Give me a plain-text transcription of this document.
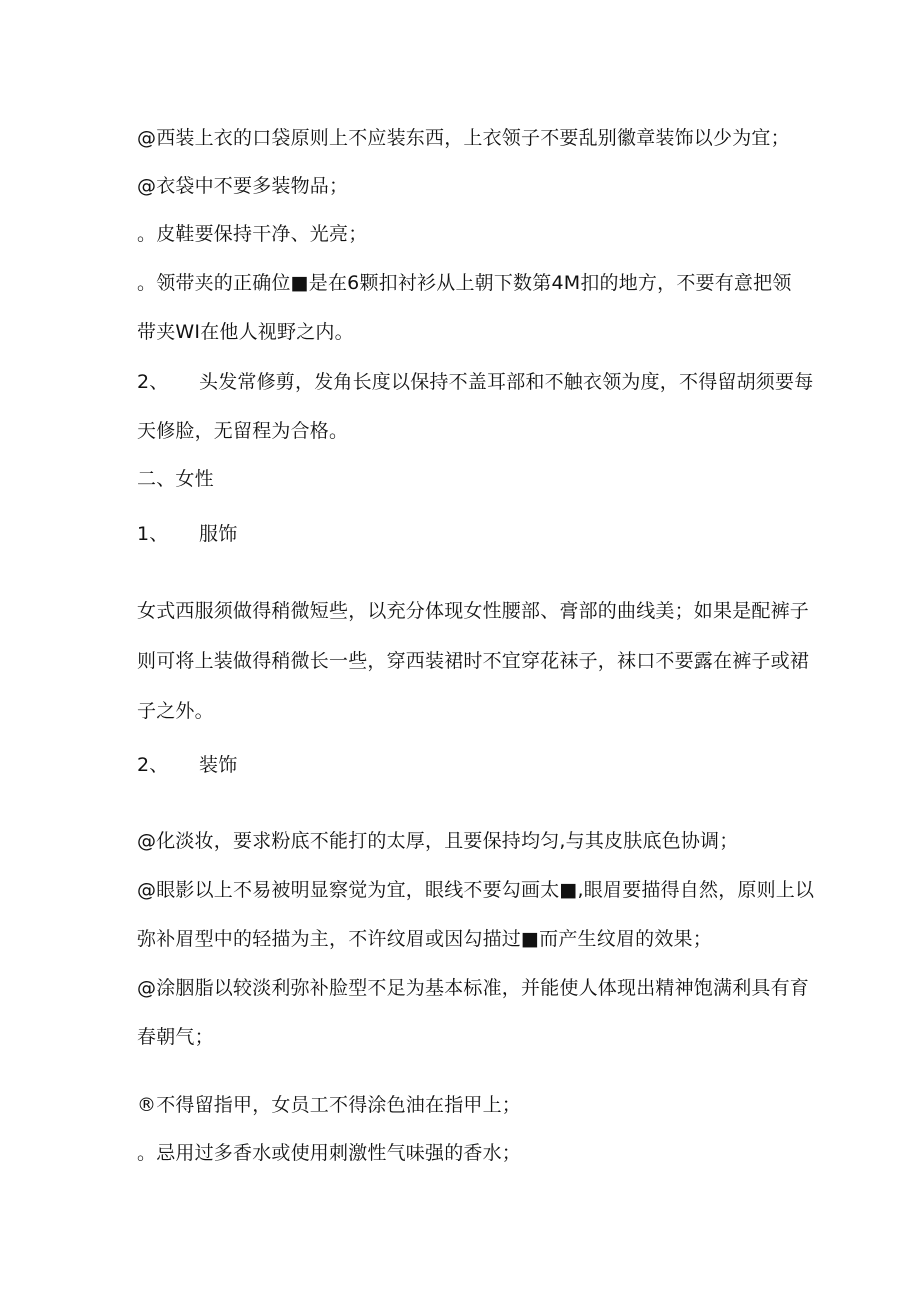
@西装上衣的口袋原则上不应装东西，上衣领子不要乱别徽章装饰以少为宜；
@衣袋中不要多装物品；
。皮鞋要保持干净、光亮；
。领带夹的正确位■是在6颗扣衬衫从上朝下数第4M扣的地方，不要有意把领
带夹WI在他人视野之内。
2、 头发常修剪，发角长度以保持不盖耳部和不触衣领为度，不得留胡须要每
天修脸，无留程为合格。
二、女性
1、 服饰
女式西服须做得稍微短些，以充分体现女性腰部、膏部的曲线美；如果是配裤子
则可将上装做得稍微长一些，穿西装裙时不宜穿花袜子，袜口不要露在裤子或裙
子之外。
2、 装饰
@化淡妆，要求粉底不能打的太厚，且要保持均匀,与其皮肤底色协调；
@眼影以上不易被明显察觉为宜，眼线不要勾画太■,眼眉要描得自然，原则上以
弥补眉型中的轻描为主，不许纹眉或因勾描过■而产生纹眉的效果；
@涂胭脂以较淡利弥补脸型不足为基本标准，并能使人体现出精神饱满利具有育
春朝气；
®不得留指甲，女员工不得涂色油在指甲上；
。忌用过多香水或使用刺激性气味强的香水；
